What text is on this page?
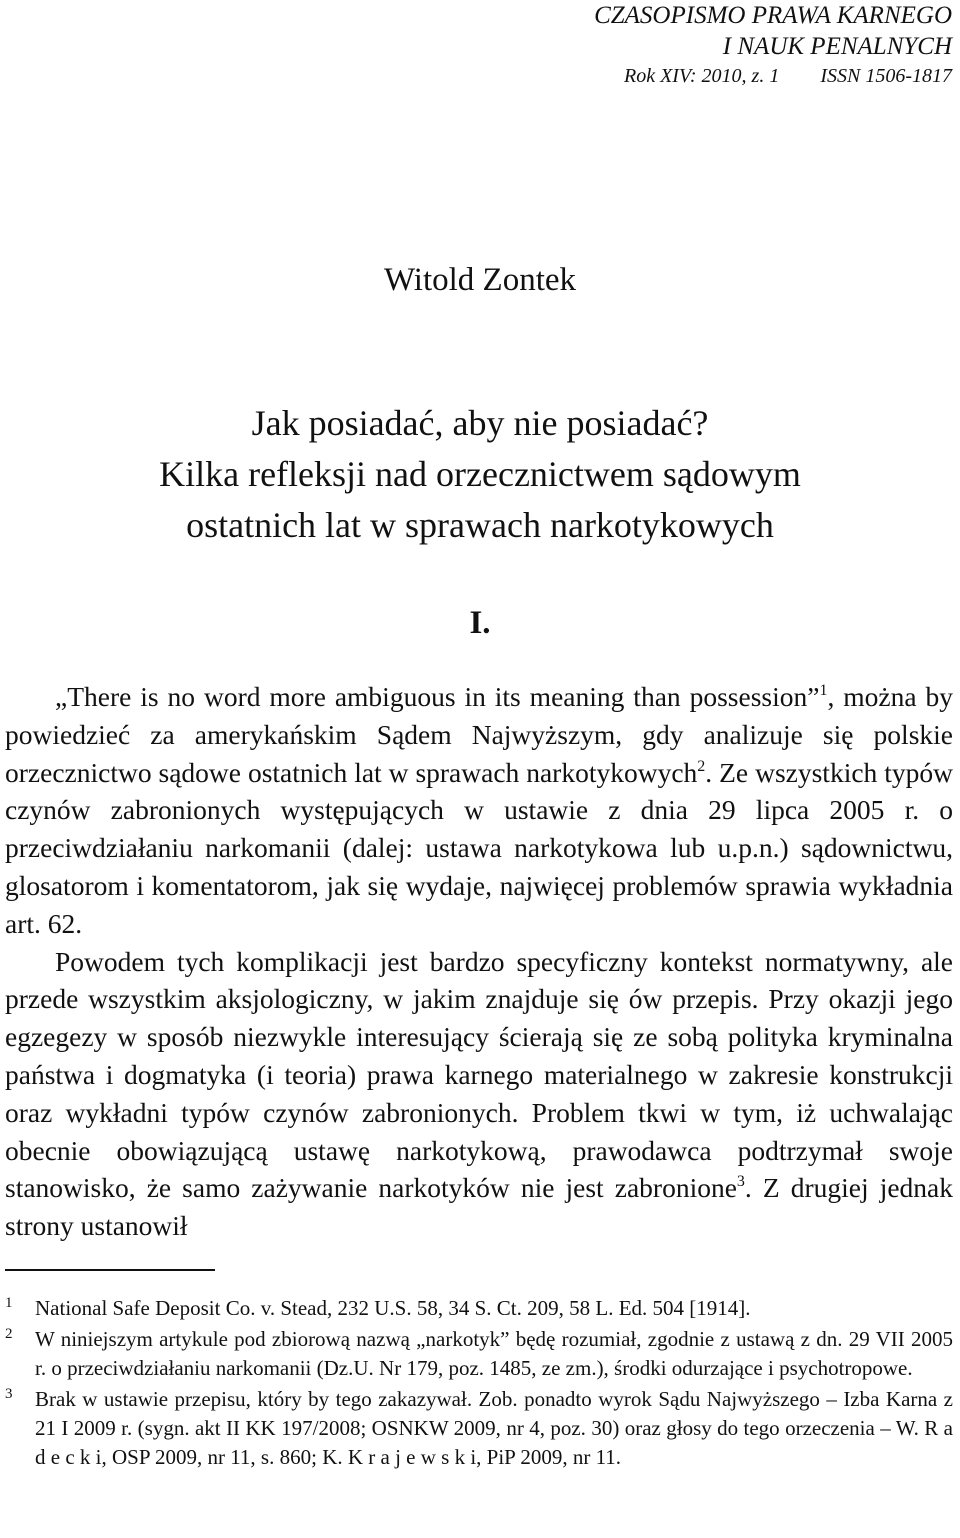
CZASOPISMO PRAWA KARNEGO
I NAUK PENALNYCH
Rok XIV: 2010, z. 1 ISSN 1506-1817
Witold Zontek
Jak posiadać, aby nie posiadać?
Kilka refleksji nad orzecznictwem sądowym
ostatnich lat w sprawach narkotykowych
I.

„There is no word more ambiguous in its meaning than possession”$^1$, można by powiedzieć za amerykańskim Sądem Najwyższym, gdy analizuje się polskie orzecznictwo sądowe ostatnich lat w sprawach narkotykowych$^2$. Ze wszystkich typów czynów zabronionych występujących w ustawie z dnia 29 lipca 2005 r. o przeciwdziałaniu narkomanii (dalej: ustawa narkotykowa lub u.p.n.) sądownictwu, glosatorom i komentatorom, jak się wydaje, najwięcej problemów sprawia wykładnia art. 62.

Powodem tych komplikacji jest bardzo specyficzny kontekst normatywny, ale przede wszystkim aksjologiczny, w jakim znajduje się ów przepis. Przy okazji jego egzegezy w sposób niezwykle interesujący ścierają się ze sobą polityka kryminalna państwa i dogmatyka (i teoria) prawa karnego materialnego w zakresie konstrukcji oraz wykładni typów czynów zabronionych. Problem tkwi w tym, iż uchwalając obecnie obowiązującą ustawę narkotykową, prawodawca podtrzymał swoje stanowisko, że samo zażywanie narkotyków nie jest zabronione$^3$. Z drugiej jednak strony ustanowił

1 National Safe Deposit Co. v. Stead, 232 U.S. 58, 34 S. Ct. 209, 58 L. Ed. 504 [1914].
2 W niniejszym artykule pod zbiorową nazwą „narkotyk” będę rozumiał, zgodnie z ustawą z dn. 29 VII 2005 r. o przeciwdziałaniu narkomanii (Dz.U. Nr 179, poz. 1485, ze zm.), środki odurzające i psychotropowe.
3 Brak w ustawie przepisu, który by tego zakazywał. Zob. ponadto wyrok Sądu Najwyższego – Izba Karna z 21 I 2009 r. (sygn. akt II KK 197/2008; OSNKW 2009, nr 4, poz. 30) oraz głosy do tego orzeczenia – W. R a d e c k i, OSP 2009, nr 11, s. 860; K. K r a j e w s k i, PiP 2009, nr 11.
